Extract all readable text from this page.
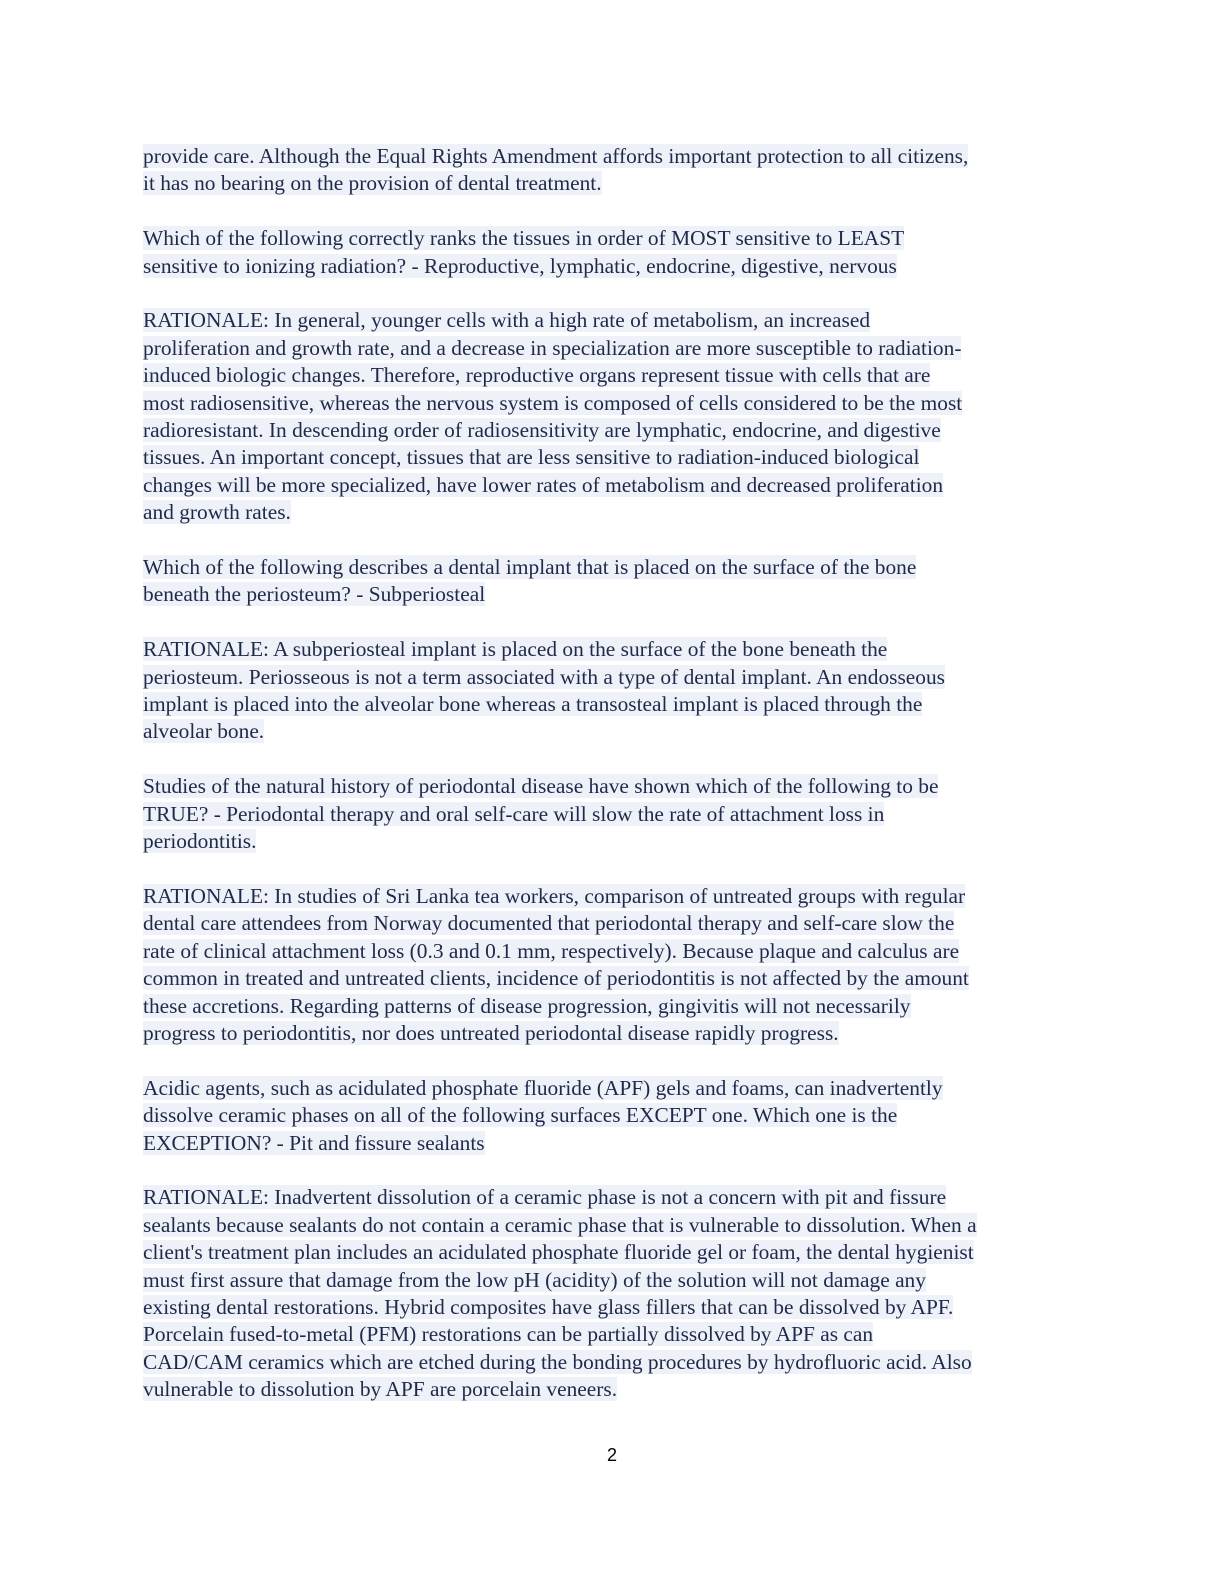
provide care. Although the Equal Rights Amendment affords important protection to all citizens,
it has no bearing on the provision of dental treatment.
Which of the following correctly ranks the tissues in order of MOST sensitive to LEAST
sensitive to ionizing radiation? - Reproductive, lymphatic, endocrine, digestive, nervous
RATIONALE: In general, younger cells with a high rate of metabolism, an increased
proliferation and growth rate, and a decrease in specialization are more susceptible to radiation-
induced biologic changes. Therefore, reproductive organs represent tissue with cells that are
most radiosensitive, whereas the nervous system is composed of cells considered to be the most
radioresistant. In descending order of radiosensitivity are lymphatic, endocrine, and digestive
tissues. An important concept, tissues that are less sensitive to radiation-induced biological
changes will be more specialized, have lower rates of metabolism and decreased proliferation
and growth rates.
Which of the following describes a dental implant that is placed on the surface of the bone
beneath the periosteum? - Subperiosteal
RATIONALE: A subperiosteal implant is placed on the surface of the bone beneath the
periosteum. Periosseous is not a term associated with a type of dental implant. An endosseous
implant is placed into the alveolar bone whereas a transosteal implant is placed through the
alveolar bone.
Studies of the natural history of periodontal disease have shown which of the following to be
TRUE? - Periodontal therapy and oral self-care will slow the rate of attachment loss in
periodontitis.
RATIONALE: In studies of Sri Lanka tea workers, comparison of untreated groups with regular
dental care attendees from Norway documented that periodontal therapy and self-care slow the
rate of clinical attachment loss (0.3 and 0.1 mm, respectively). Because plaque and calculus are
common in treated and untreated clients, incidence of periodontitis is not affected by the amount
these accretions. Regarding patterns of disease progression, gingivitis will not necessarily
progress to periodontitis, nor does untreated periodontal disease rapidly progress.
Acidic agents, such as acidulated phosphate fluoride (APF) gels and foams, can inadvertently
dissolve ceramic phases on all of the following surfaces EXCEPT one. Which one is the
EXCEPTION? - Pit and fissure sealants
RATIONALE: Inadvertent dissolution of a ceramic phase is not a concern with pit and fissure
sealants because sealants do not contain a ceramic phase that is vulnerable to dissolution. When a
client's treatment plan includes an acidulated phosphate fluoride gel or foam, the dental hygienist
must first assure that damage from the low pH (acidity) of the solution will not damage any
existing dental restorations. Hybrid composites have glass fillers that can be dissolved by APF.
Porcelain fused-to-metal (PFM) restorations can be partially dissolved by APF as can
CAD/CAM ceramics which are etched during the bonding procedures by hydrofluoric acid. Also
vulnerable to dissolution by APF are porcelain veneers.
2
